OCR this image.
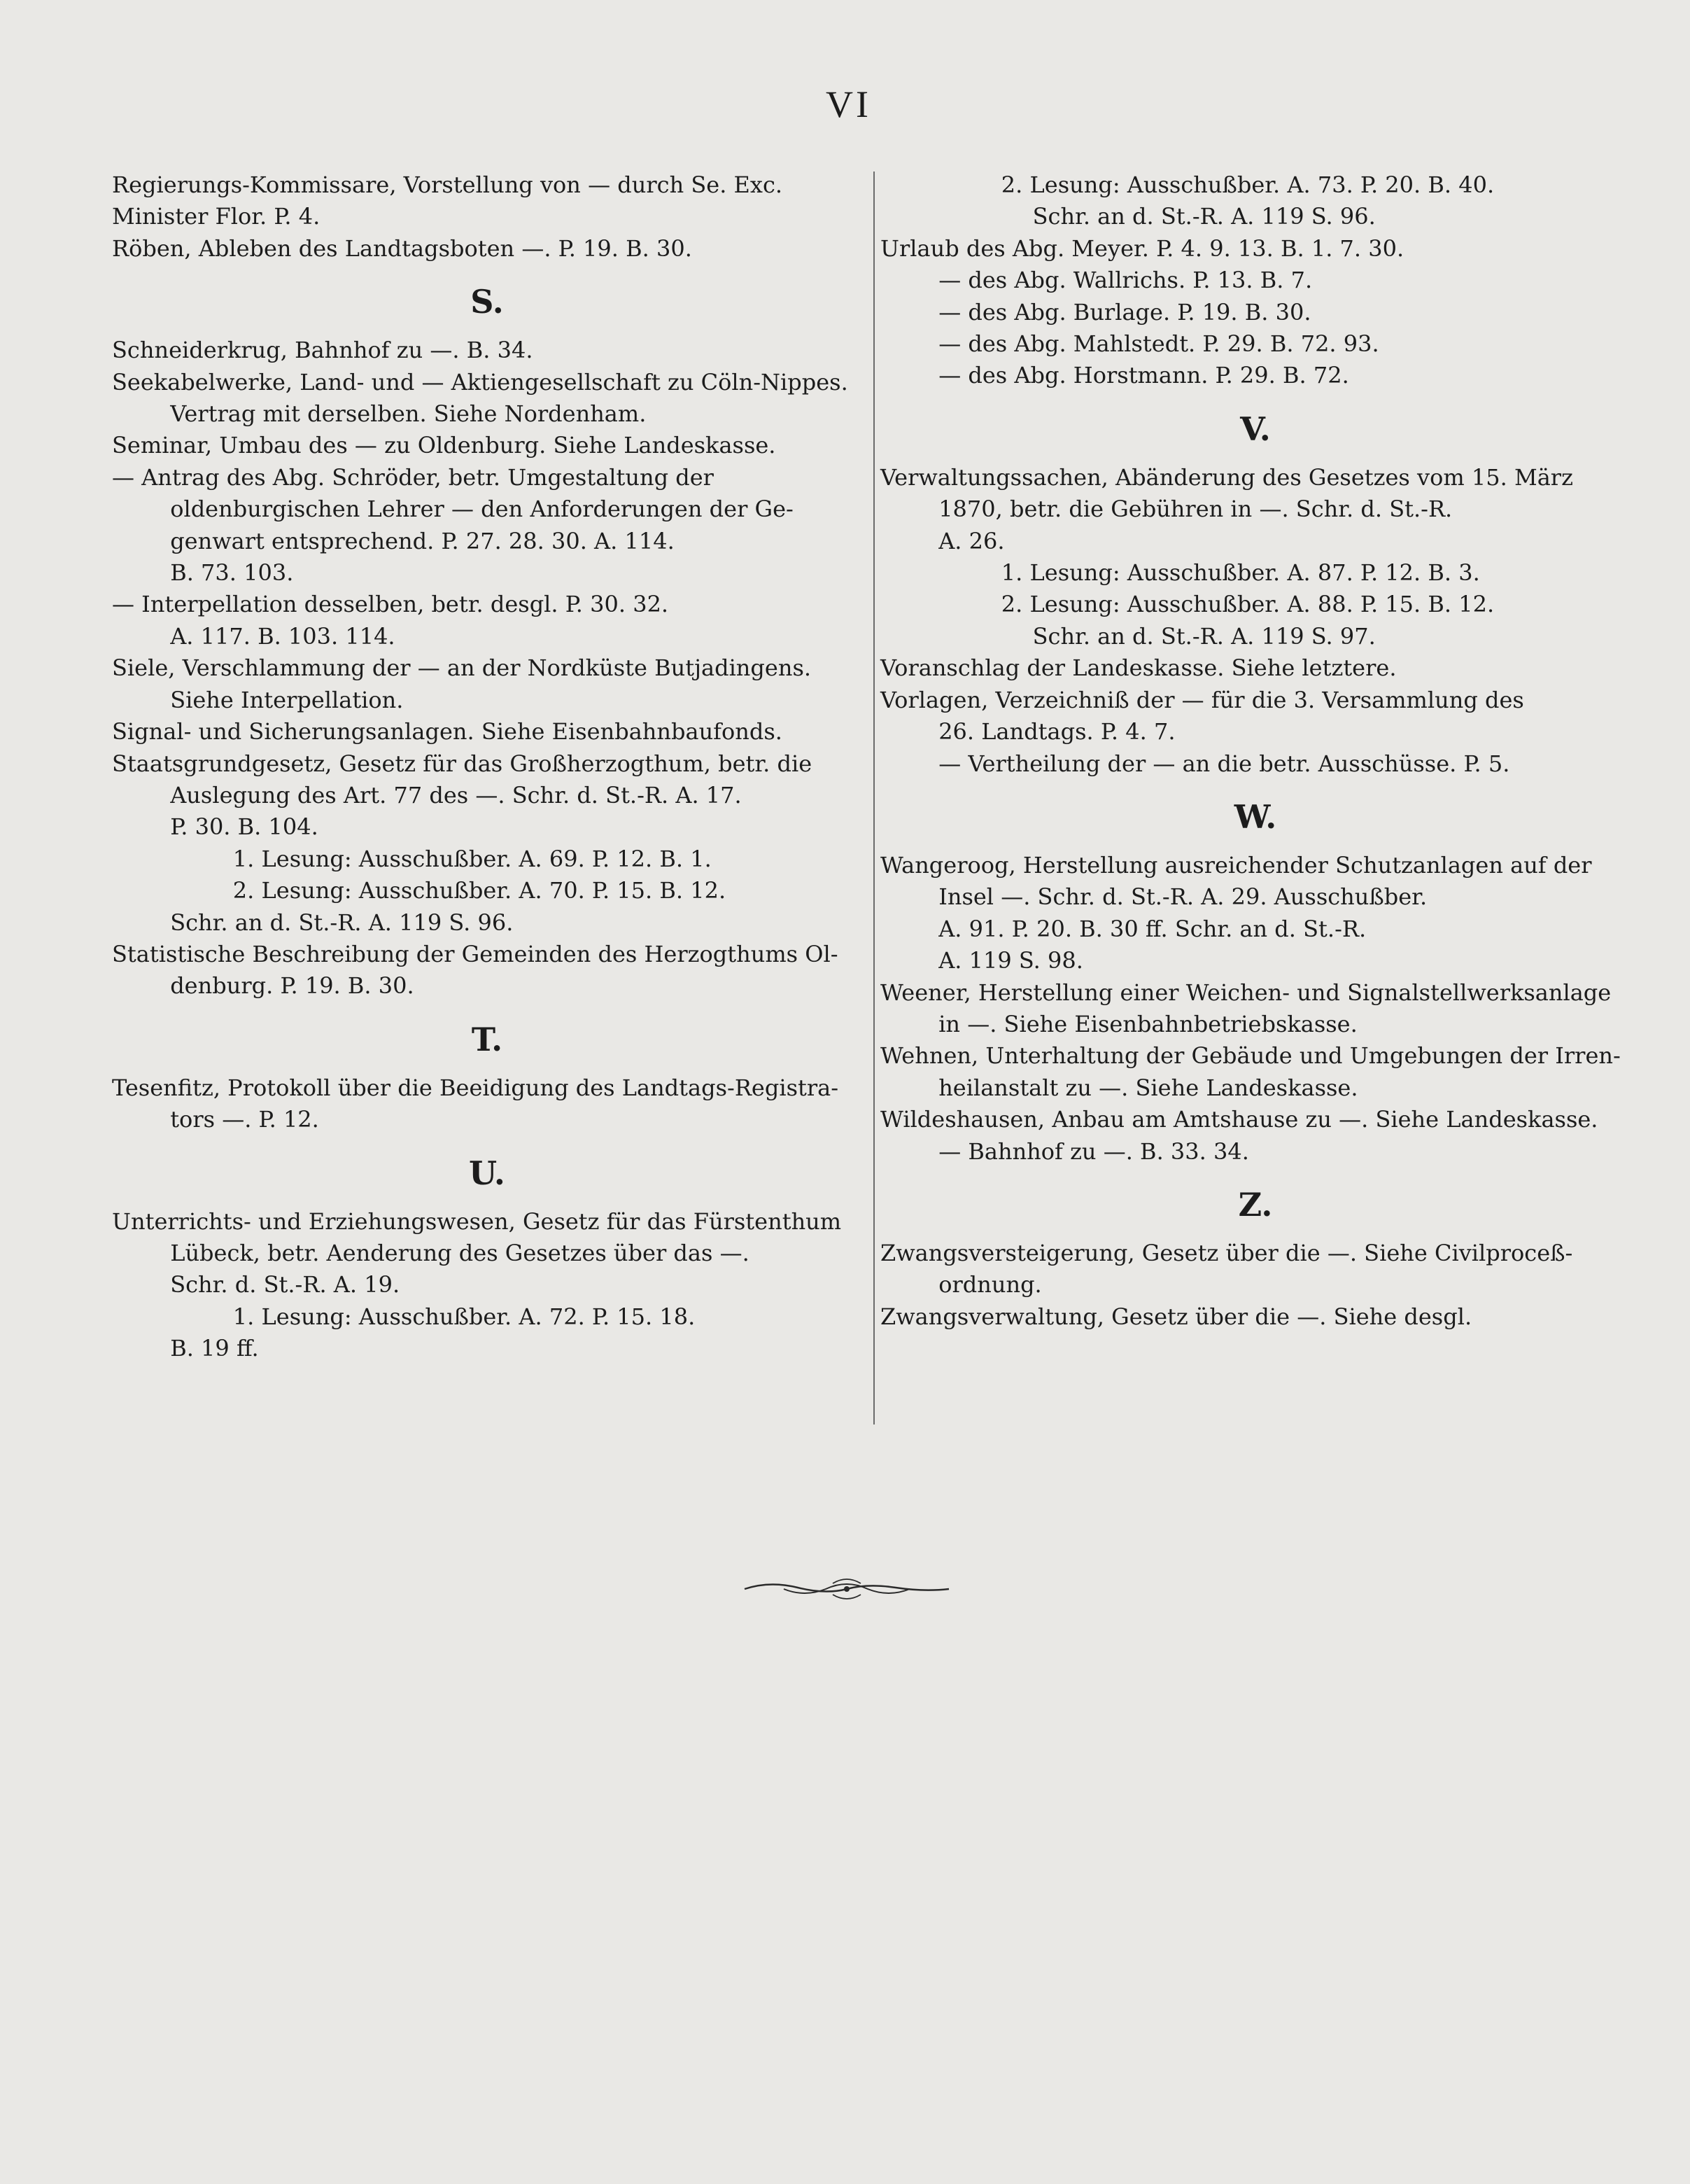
VI
Regierungs-Kommissare, Vorstellung von — durch Se. Exc.
Minister Flor. P. 4.
Röben, Ableben des Landtagsboten —. P. 19. B. 30.
S.
Schneiderkrug, Bahnhof zu —. B. 34.
Seekabelwerke, Land- und — Aktiengesellschaft zu Cöln-Nippes.
Vertrag mit derselben. Siehe Nordenham.
Seminar, Umbau des — zu Oldenburg. Siehe Landeskasse.
— Antrag des Abg. Schröder, betr. Umgestaltung der
oldenburgischen Lehrer — den Anforderungen der Ge-
genwart entsprechend. P. 27. 28. 30. A. 114.
B. 73. 103.
— Interpellation desselben, betr. desgl. P. 30. 32.
A. 117. B. 103. 114.
Siele, Verschlammung der — an der Nordküste Butjadingens.
Siehe Interpellation.
Signal- und Sicherungsanlagen. Siehe Eisenbahnbaufonds.
Staatsgrundgesetz, Gesetz für das Großherzogthum, betr. die
Auslegung des Art. 77 des —. Schr. d. St.-R. A. 17.
P. 30. B. 104.
1. Lesung: Ausschußber. A. 69. P. 12. B. 1.
2. Lesung: Ausschußber. A. 70. P. 15. B. 12.
Schr. an d. St.-R. A. 119 S. 96.
Statistische Beschreibung der Gemeinden des Herzogthums Ol-
denburg. P. 19. B. 30.
T.
Tesenfitz, Protokoll über die Beeidigung des Landtags-Registra-
tors —. P. 12.
U.
Unterrichts- und Erziehungswesen, Gesetz für das Fürstenthum
Lübeck, betr. Aenderung des Gesetzes über das —.
Schr. d. St.-R. A. 19.
1. Lesung: Ausschußber. A. 72. P. 15. 18.
B. 19 ff.
2. Lesung: Ausschußber. A. 73. P. 20. B. 40.
Schr. an d. St.-R. A. 119 S. 96.
Urlaub des Abg. Meyer. P. 4. 9. 13. B. 1. 7. 30.
— des Abg. Wallrichs. P. 13. B. 7.
— des Abg. Burlage. P. 19. B. 30.
— des Abg. Mahlstedt. P. 29. B. 72. 93.
— des Abg. Horstmann. P. 29. B. 72.
V.
Verwaltungssachen, Abänderung des Gesetzes vom 15. März
1870, betr. die Gebühren in —. Schr. d. St.-R.
A. 26.
1. Lesung: Ausschußber. A. 87. P. 12. B. 3.
2. Lesung: Ausschußber. A. 88. P. 15. B. 12.
Schr. an d. St.-R. A. 119 S. 97.
Voranschlag der Landeskasse. Siehe letztere.
Vorlagen, Verzeichniß der — für die 3. Versammlung des
26. Landtags. P. 4. 7.
— Vertheilung der — an die betr. Ausschüsse. P. 5.
W.
Wangeroog, Herstellung ausreichender Schutzanlagen auf der
Insel —. Schr. d. St.-R. A. 29. Ausschußber.
A. 91. P. 20. B. 30 ff. Schr. an d. St.-R.
A. 119 S. 98.
Weener, Herstellung einer Weichen- und Signalstellwerksanlage
in —. Siehe Eisenbahnbetriebskasse.
Wehnen, Unterhaltung der Gebäude und Umgebungen der Irren-
heilanstalt zu —. Siehe Landeskasse.
Wildeshausen, Anbau am Amtshause zu —. Siehe Landeskasse.
— Bahnhof zu —. B. 33. 34.
Z.
Zwangsversteigerung, Gesetz über die —. Siehe Civilproceß-
ordnung.
Zwangsverwaltung, Gesetz über die —. Siehe desgl.
